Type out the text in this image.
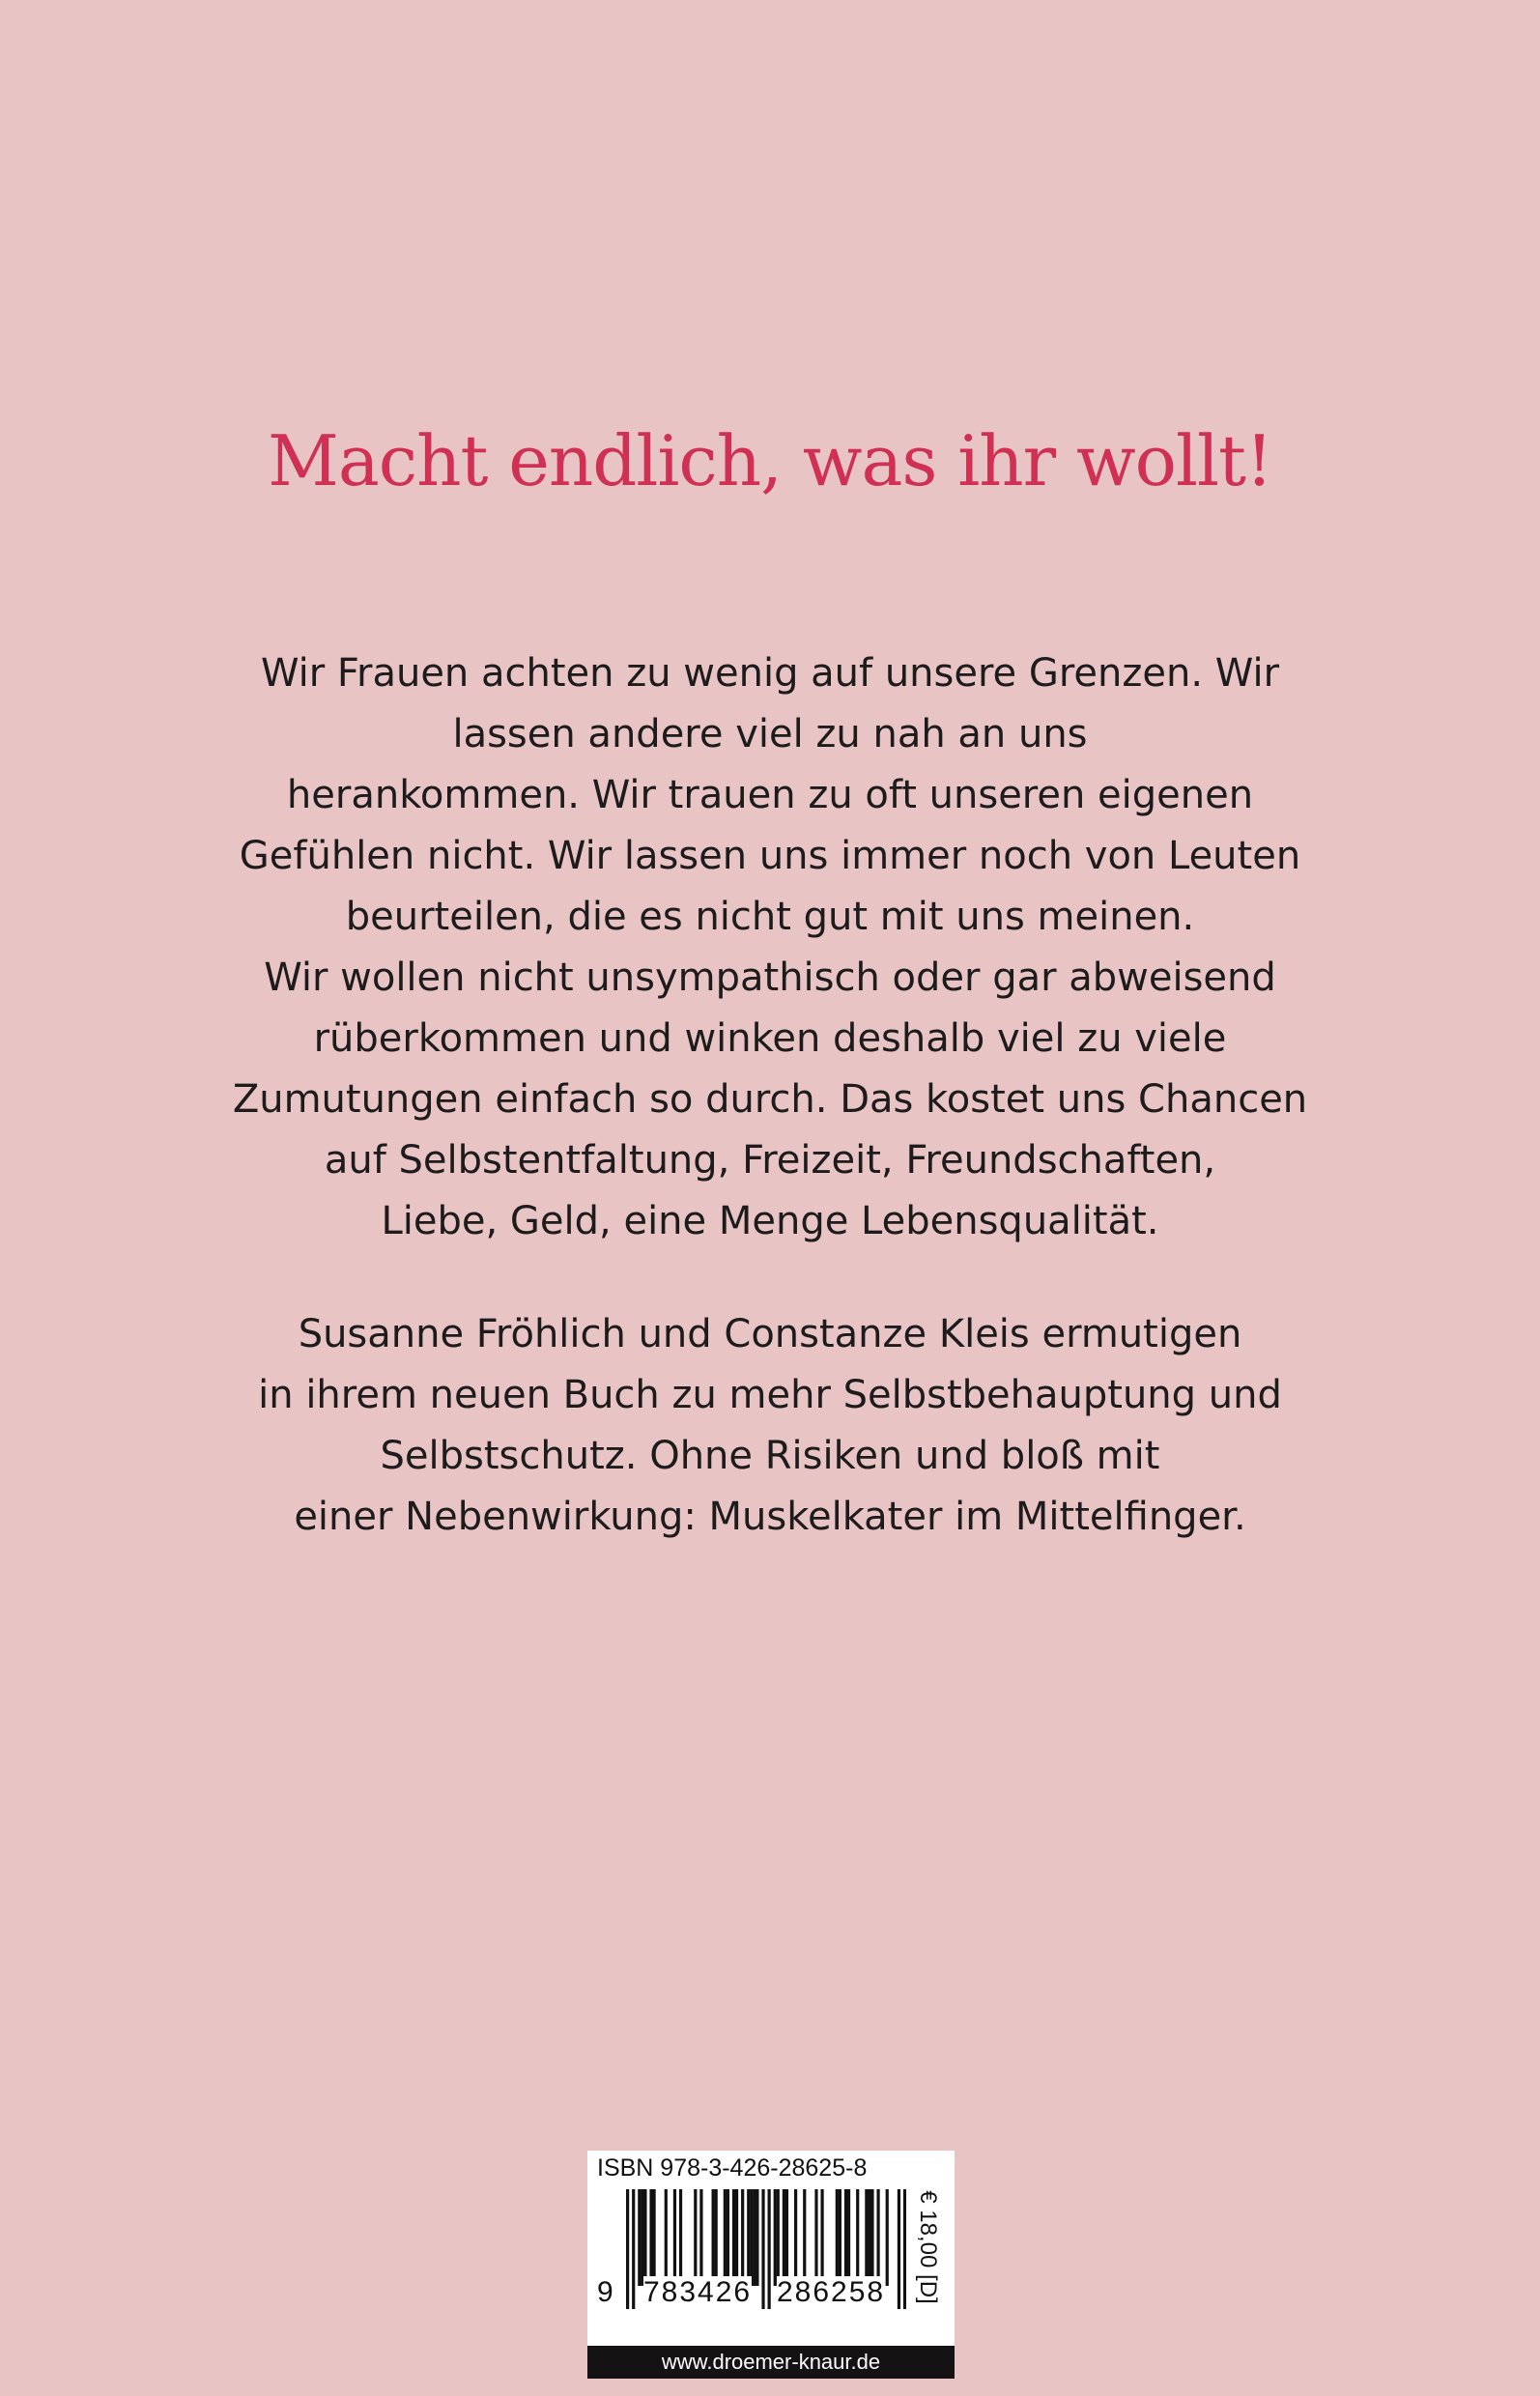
Macht endlich, was ihr wollt!
Wir Frauen achten zu wenig auf unsere Grenzen. Wir
lassen andere viel zu nah an uns
herankommen. Wir trauen zu oft unseren eigenen
Gefühlen nicht. Wir lassen uns immer noch von Leuten
beurteilen, die es nicht gut mit uns meinen.
Wir wollen nicht unsympathisch oder gar abweisend
rüberkommen und winken deshalb viel zu viele
Zumutungen einfach so durch. Das kostet uns Chancen
auf Selbstentfaltung, Freizeit, Freundschaften,
Liebe, Geld, eine Menge Lebensqualität.
Susanne Fröhlich und Constanze Kleis ermutigen
in ihrem neuen Buch zu mehr Selbstbehauptung und
Selbstschutz. Ohne Risiken und bloß mit
einer Nebenwirkung: Muskelkater im Mittelfinger.
ISBN 978-3-426-28625-8
9 783426 286258 € 18,00 [D]
www.droemer-knaur.de
